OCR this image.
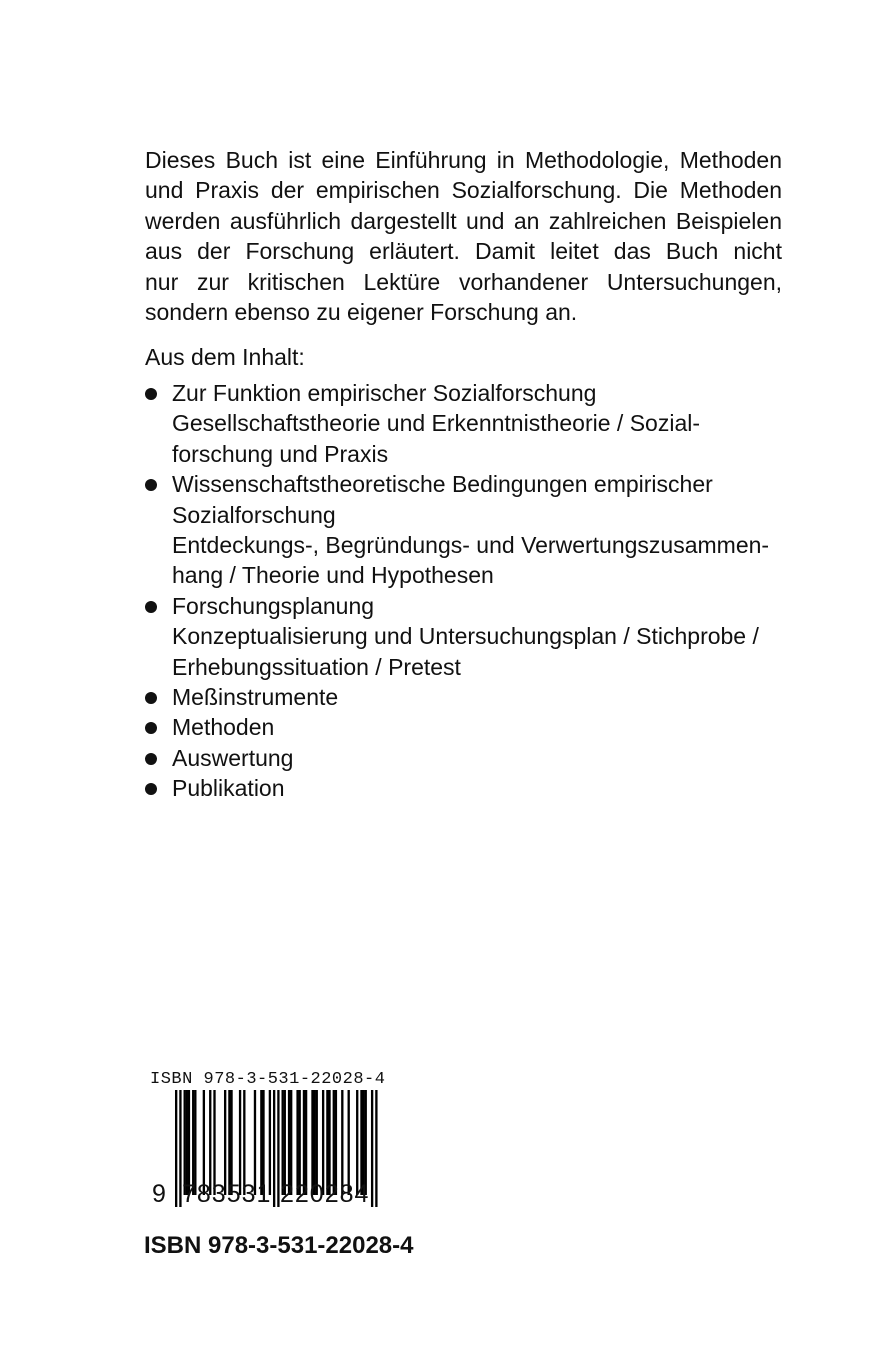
Dieses Buch ist eine Einführung in Methodologie, Methoden
und Praxis der empirischen Sozialforschung. Die Methoden
werden ausführlich dargestellt und an zahlreichen Beispielen
aus der Forschung erläutert. Damit leitet das Buch nicht
nur zur kritischen Lektüre vorhandener Untersuchungen,
sondern ebenso zu eigener Forschung an.
Aus dem Inhalt:
Zur Funktion empirischer Sozialforschung
Gesellschaftstheorie und Erkenntnistheorie / Sozial-
forschung und Praxis
Wissenschaftstheoretische Bedingungen empirischer
Sozialforschung
Entdeckungs-, Begründungs- und Verwertungszusammen-
hang / Theorie und Hypothesen
Forschungsplanung
Konzeptualisierung und Untersuchungsplan / Stichprobe /
Erhebungssituation / Pretest
Meßinstrumente
Methoden
Auswertung
Publikation
ISBN 978-3-531-22028-4
9 783531 220284
ISBN 978-3-531-22028-4
